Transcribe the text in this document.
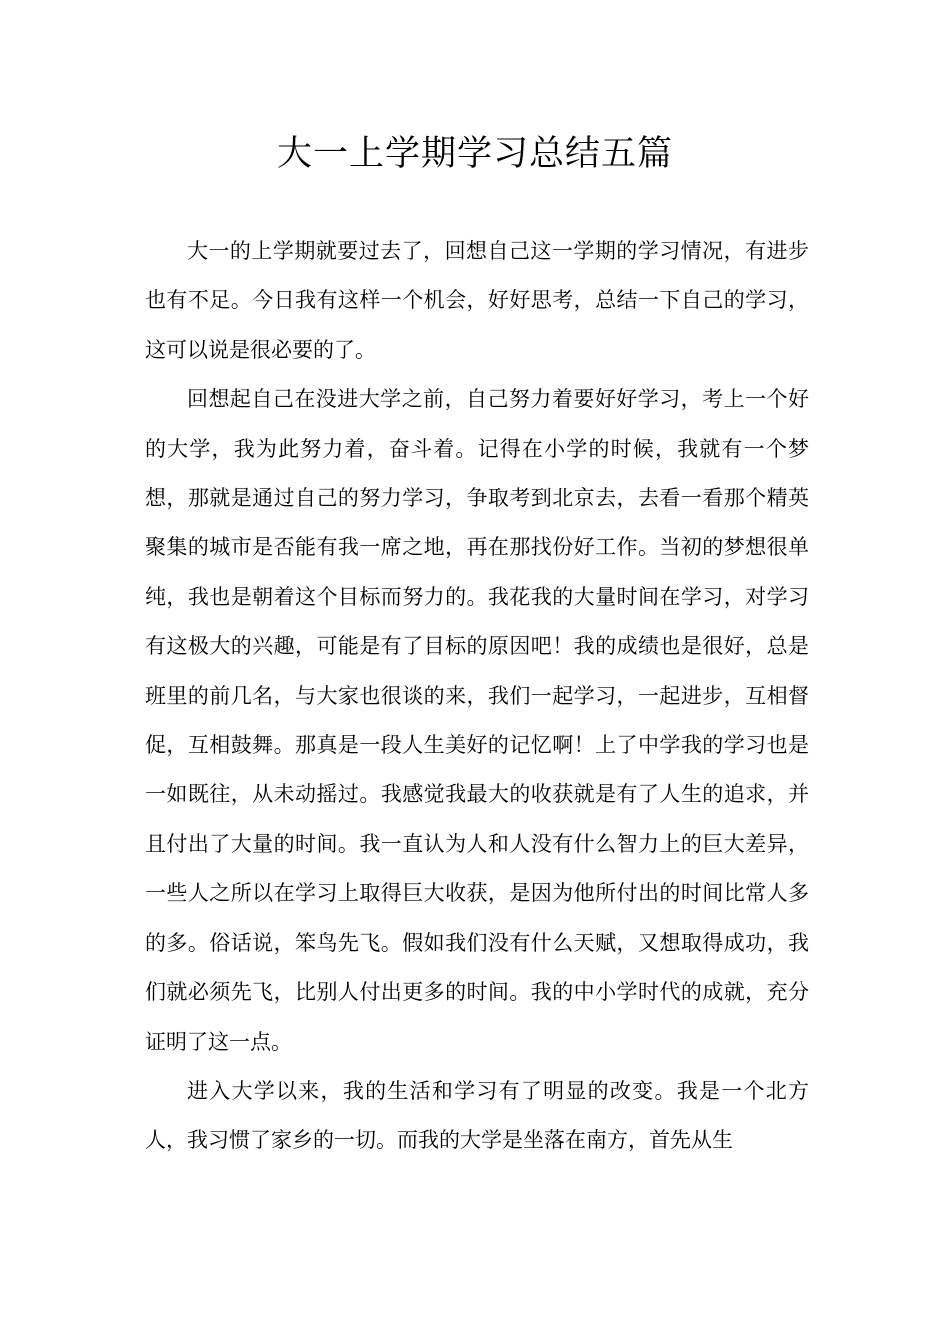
大一上学期学习总结五篇

大一的上学期就要过去了，回想自己这一学期的学习情况，有进步也有不足。今日我有这样一个机会，好好思考，总结一下自己的学习，这可以说是很必要的了。

回想起自己在没进大学之前，自己努力着要好好学习，考上一个好的大学，我为此努力着，奋斗着。记得在小学的时候，我就有一个梦想，那就是通过自己的努力学习，争取考到北京去，去看一看那个精英聚集的城市是否能有我一席之地，再在那找份好工作。当初的梦想很单纯，我也是朝着这个目标而努力的。我花我的大量时间在学习，对学习有这极大的兴趣，可能是有了目标的原因吧！我的成绩也是很好，总是班里的前几名，与大家也很谈的来，我们一起学习，一起进步，互相督促，互相鼓舞。那真是一段人生美好的记忆啊！上了中学我的学习也是一如既往，从未动摇过。我感觉我最大的收获就是有了人生的追求，并且付出了大量的时间。我一直认为人和人没有什么智力上的巨大差异，一些人之所以在学习上取得巨大收获，是因为他所付出的时间比常人多的多。俗话说，笨鸟先飞。假如我们没有什么天赋，又想取得成功，我们就必须先飞，比别人付出更多的时间。我的中小学时代的成就，充分证明了这一点。

进入大学以来，我的生活和学习有了明显的改变。我是一个北方人，我习惯了家乡的一切。而我的大学是坐落在南方，首先从生
